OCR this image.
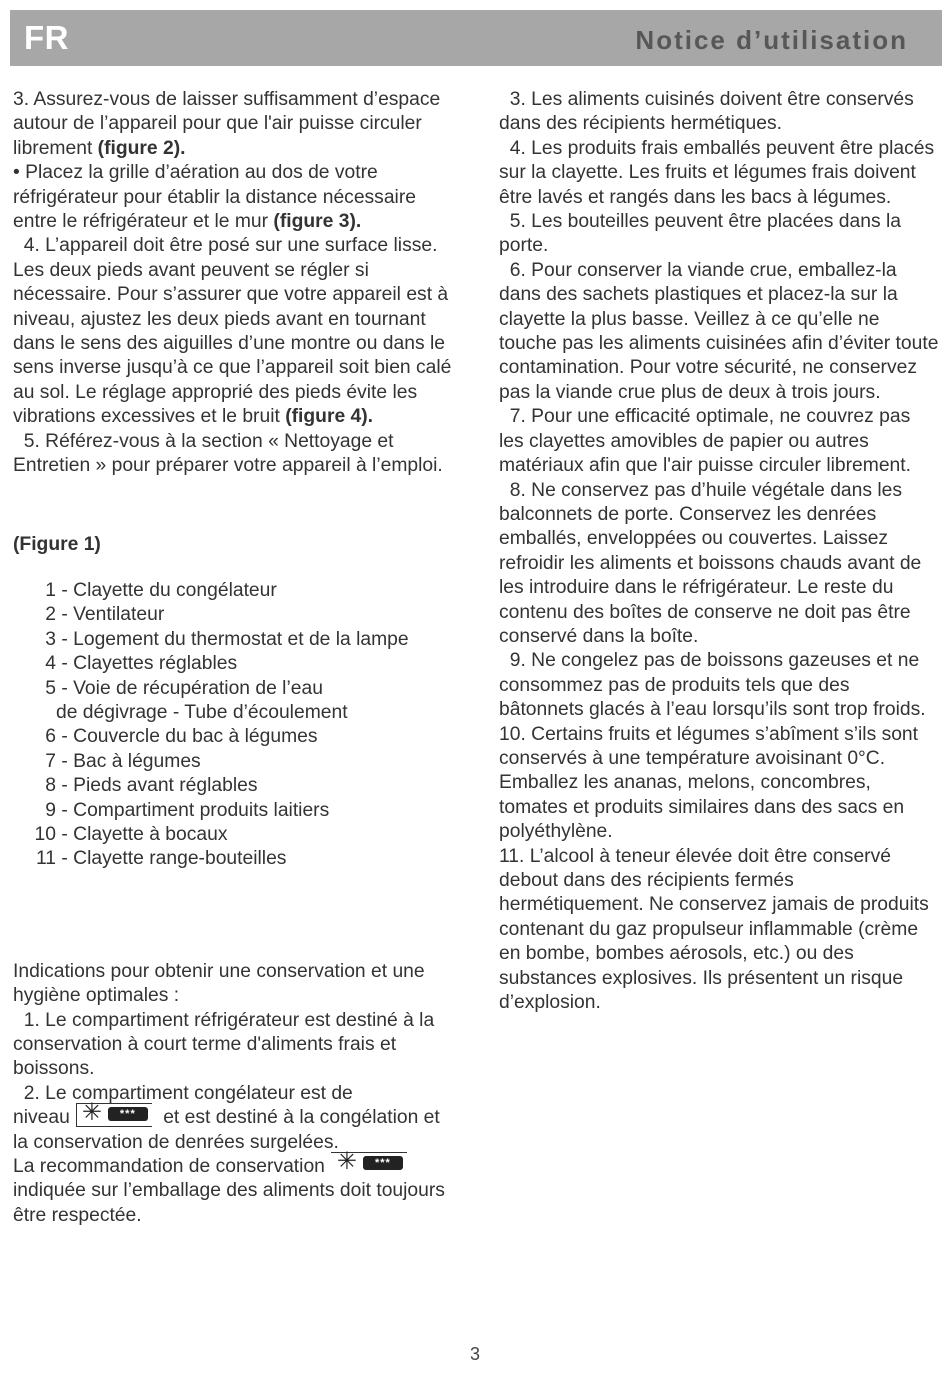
FR	Notice d’utilisation

3. Assurez-vous de laisser suffisamment d’espace autour de l’appareil pour que l'air puisse circuler librement (figure 2).

• Placez la grille d’aération au dos de votre réfrigérateur pour établir la distance nécessaire entre le réfrigérateur et le mur (figure 3).

4. L’appareil doit être posé sur une surface lisse. Les deux pieds avant peuvent se régler si nécessaire. Pour s’assurer que votre appareil est à niveau, ajustez les deux pieds avant en tournant dans le sens des aiguilles d’une montre ou dans le sens inverse jusqu’à ce que l’appareil soit bien calé au sol. Le réglage approprié des pieds évite les vibrations excessives et le bruit (figure 4).

5. Référez-vous à la section « Nettoyage et Entretien » pour préparer votre appareil à l’emploi.

(Figure 1)

1 - Clayette du congélateur

2 - Ventilateur

3 - Logement du thermostat et de la lampe

4 - Clayettes réglables

5 - Voie de récupération de l’eau

de dégivrage - Tube d’écoulement

6 - Couvercle du bac à légumes

7 - Bac à légumes

8 - Pieds avant réglables

9 - Compartiment produits laitiers

10 - Clayette à bocaux

11 - Clayette range-bouteilles

Indications pour obtenir une conservation et une hygiène optimales :

1. Le compartiment réfrigérateur est destiné à la conservation à court terme d'aliments frais et boissons.

2. Le compartiment congélateur est de
niveau ✳	***	et est destiné à la congélation et la conservation de denrées surgelées.

La recommandation de conservation ✳	***

indiquée sur l’emballage des aliments doit toujours être respectée.

3. Les aliments cuisinés doivent être conservés dans des récipients hermétiques.

4. Les produits frais emballés peuvent être placés sur la clayette. Les fruits et légumes frais doivent être lavés et rangés dans les bacs à légumes.

5. Les bouteilles peuvent être placées dans la porte.

6. Pour conserver la viande crue, emballez-la dans des sachets plastiques et placez-la sur la clayette la plus basse. Veillez à ce qu’elle ne touche pas les aliments cuisinées afin d’éviter toute contamination. Pour votre sécurité, ne conservez pas la viande crue plus de deux à trois jours.

7. Pour une efficacité optimale, ne couvrez pas les clayettes amovibles de papier ou autres matériaux afin que l'air puisse circuler librement.

8. Ne conservez pas d’huile végétale dans les balconnets de porte. Conservez les denrées emballés, enveloppées ou couvertes. Laissez refroidir les aliments et boissons chauds avant de les introduire dans le réfrigérateur. Le reste du contenu des boîtes de conserve ne doit pas être conservé dans la boîte.

9. Ne congelez pas de boissons gazeuses et ne consommez pas de produits tels que des bâtonnets glacés à l’eau lorsqu’ils sont trop froids.

10. Certains fruits et légumes s’abîment s’ils sont conservés à une température avoisinant 0°C. Emballez les ananas, melons, concombres, tomates et produits similaires dans des sacs en polyéthylène.

11. L’alcool à teneur élevée doit être conservé debout dans des récipients fermés hermétiquement. Ne conservez jamais de produits contenant du gaz propulseur inflammable (crème en bombe, bombes aérosols, etc.) ou des substances explosives. Ils présentent un risque d’explosion.

3
